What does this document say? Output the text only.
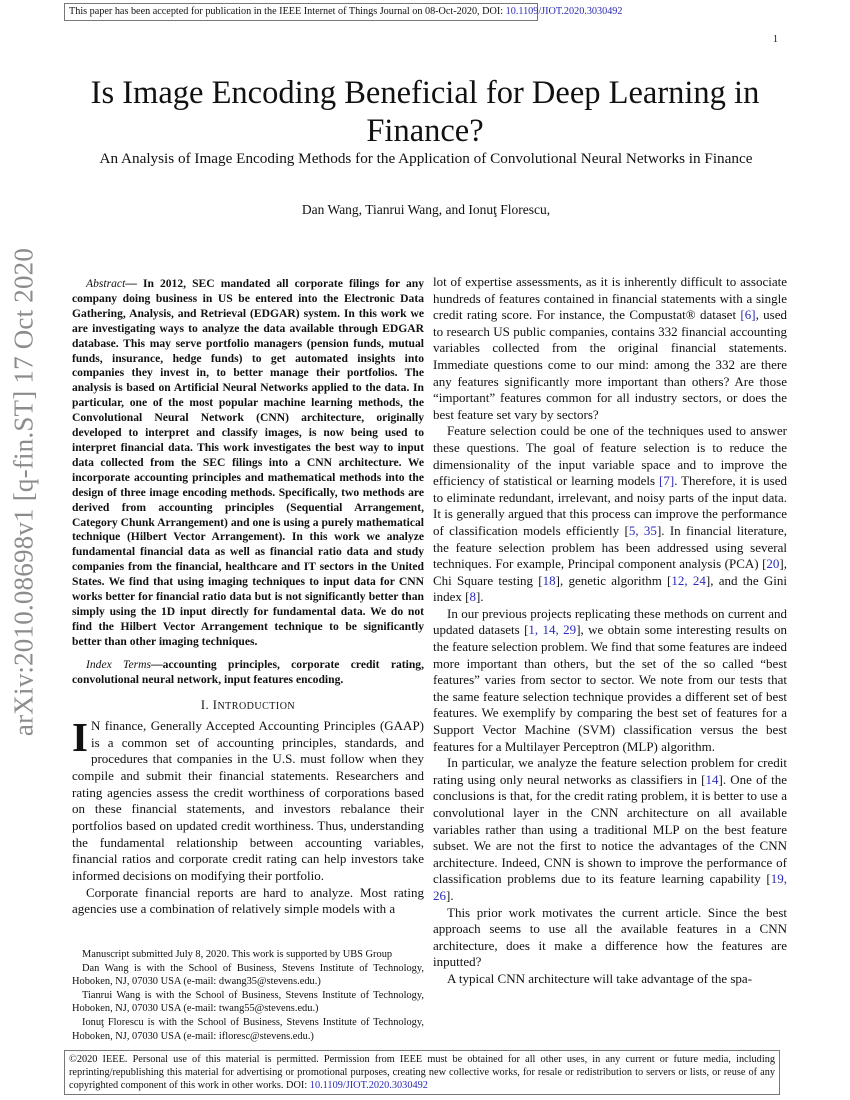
This paper has been accepted for publication in the IEEE Internet of Things Journal on 08-Oct-2020, DOI: 10.1109/JIOT.2020.3030492
1
arXiv:2010.08698v1 [q-fin.ST] 17 Oct 2020
Is Image Encoding Beneficial for Deep Learning in Finance?
An Analysis of Image Encoding Methods for the Application of Convolutional Neural Networks in Finance
Dan Wang, Tianrui Wang, and Ionuţ Florescu,

Abstract— In 2012, SEC mandated all corporate filings for any company doing business in US be entered into the Electronic Data Gathering, Analysis, and Retrieval (EDGAR) system. In this work we are investigating ways to analyze the data available through EDGAR database. This may serve portfolio managers (pension funds, mutual funds, insurance, hedge funds) to get automated insights into companies they invest in, to better manage their portfolios. The analysis is based on Artificial Neural Networks applied to the data. In particular, one of the most popular machine learning methods, the Convolutional Neural Network (CNN) architecture, originally developed to interpret and classify images, is now being used to interpret financial data. This work investigates the best way to input data collected from the SEC filings into a CNN architecture. We incorporate accounting principles and mathematical methods into the design of three image encoding methods. Specifically, two methods are derived from accounting principles (Sequential Arrangement, Category Chunk Arrangement) and one is using a purely mathematical technique (Hilbert Vector Arrangement). In this work we analyze fundamental financial data as well as financial ratio data and study companies from the financial, healthcare and IT sectors in the United States. We find that using imaging techniques to input data for CNN works better for financial ratio data but is not significantly better than simply using the 1D input directly for fundamental data. We do not find the Hilbert Vector Arrangement technique to be significantly better than other imaging techniques.

Index Terms—accounting principles, corporate credit rating, convolutional neural network, input features encoding.

I. INTRODUCTION

I N finance, Generally Accepted Accounting Principles (GAAP) is a common set of accounting principles, standards, and procedures that companies in the U.S. must follow when they compile and submit their financial statements. Researchers and rating agencies assess the credit worthiness of corporations based on these financial statements, and investors rebalance their portfolios based on updated credit worthiness. Thus, understanding the fundamental relationship between accounting variables, financial ratios and corporate credit rating can help investors take informed decisions on modifying their portfolio.

Corporate financial reports are hard to analyze. Most rating agencies use a combination of relatively simple models with a

Manuscript submitted July 8, 2020. This work is supported by UBS Group

Dan Wang is with the School of Business, Stevens Institute of Technology, Hoboken, NJ, 07030 USA (e-mail: dwang35@stevens.edu.)

Tianrui Wang is with the School of Business, Stevens Institute of Technology, Hoboken, NJ, 07030 USA (e-mail: twang55@stevens.edu.)

Ionuţ Florescu is with the School of Business, Stevens Institute of Technology, Hoboken, NJ, 07030 USA (e-mail: ifloresc@stevens.edu.)

lot of expertise assessments, as it is inherently difficult to associate hundreds of features contained in financial statements with a single credit rating score. For instance, the Compustat® dataset [6], used to research US public companies, contains 332 financial accounting variables collected from the original financial statements. Immediate questions come to our mind: among the 332 are there any features significantly more important than others? Are those “important” features common for all industry sectors, or does the best feature set vary by sectors?

Feature selection could be one of the techniques used to answer these questions. The goal of feature selection is to reduce the dimensionality of the input variable space and to improve the efficiency of statistical or learning models [7]. Therefore, it is used to eliminate redundant, irrelevant, and noisy parts of the input data. It is generally argued that this process can improve the performance of classification models efficiently [5, 35]. In financial literature, the feature selection problem has been addressed using several techniques. For example, Principal component analysis (PCA) [20], Chi Square testing [18], genetic algorithm [12, 24], and the Gini index [8].

In our previous projects replicating these methods on current and updated datasets [1, 14, 29], we obtain some interesting results on the feature selection problem. We find that some features are indeed more important than others, but the set of the so called “best features” varies from sector to sector. We note from our tests that the same feature selection technique provides a different set of best features. We exemplify by comparing the best set of features for a Support Vector Machine (SVM) classification versus the best features for a Multilayer Perceptron (MLP) algorithm.

In particular, we analyze the feature selection problem for credit rating using only neural networks as classifiers in [14]. One of the conclusions is that, for the credit rating problem, it is better to use a convolutional layer in the CNN architecture on all available variables rather than using a traditional MLP on the best feature subset. We are not the first to notice the advantages of the CNN architecture. Indeed, CNN is shown to improve the performance of classification problems due to its feature learning capability [19, 26].

This prior work motivates the current article. Since the best approach seems to use all the available features in a CNN architecture, does it make a difference how the features are inputted?

A typical CNN architecture will take advantage of the spa-

©2020 IEEE. Personal use of this material is permitted. Permission from IEEE must be obtained for all other uses, in any current or future media, including reprinting/republishing this material for advertising or promotional purposes, creating new collective works, for resale or redistribution to servers or lists, or reuse of any copyrighted component of this work in other works. DOI: 10.1109/JIOT.2020.3030492
